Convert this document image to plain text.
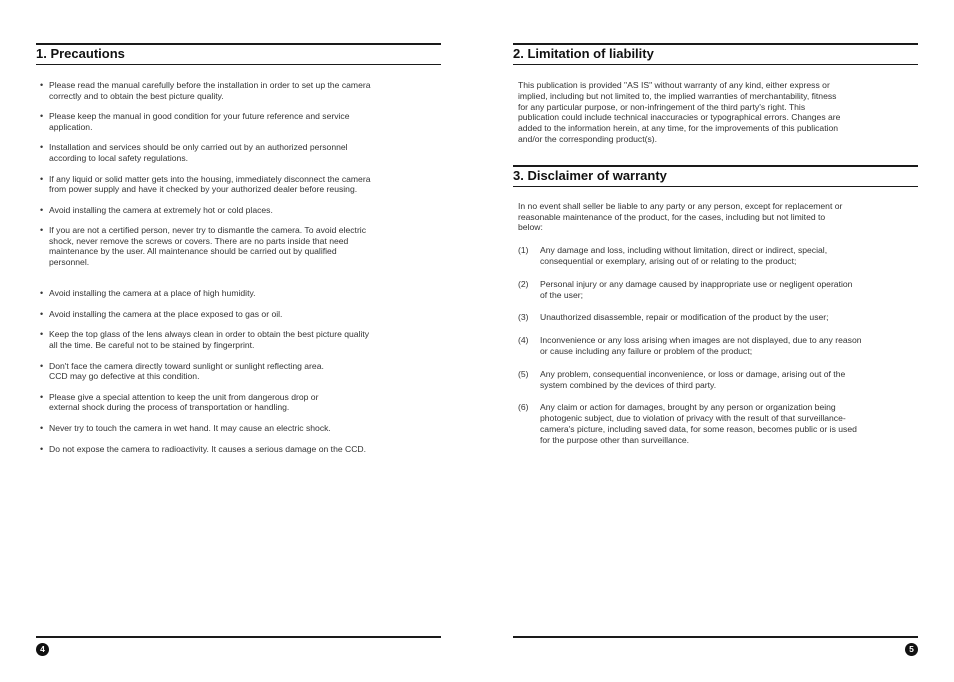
1. Precautions
• Please read the manual carefully before the installation in order to set up the camera
correctly and to obtain the best picture quality.
• Please keep the manual in good condition for your future reference and service
application.
• Installation and services should be only carried out by an authorized personnel
according to local safety regulations.
• If any liquid or solid matter gets into the housing, immediately disconnect the camera
from power supply and have it checked by your authorized dealer before reusing.
• Avoid installing the camera at extremely hot or cold places.
• If you are not a certified person, never try to dismantle the camera. To avoid electric
shock, never remove the screws or covers. There are no parts inside that need
maintenance by the user. All maintenance should be carried out by qualified
personnel.
• Avoid installing the camera at a place of high humidity.
• Avoid installing the camera at the place exposed to gas or oil.
• Keep the top glass of the lens always clean in order to obtain the best picture quality
all the time. Be careful not to be stained by fingerprint.
• Don't face the camera directly toward sunlight or sunlight reflecting area.
CCD may go defective at this condition.
• Please give a special attention to keep the unit from dangerous drop or
external shock during the process of transportation or handling.
• Never try to touch the camera in wet hand. It may cause an electric shock.
• Do not expose the camera to radioactivity. It causes a serious damage on the CCD.
4
2. Limitation of liability
This publication is provided "AS IS" without warranty of any kind, either express or
implied, including but not limited to, the implied warranties of merchantability, fitness
for any particular purpose, or non-infringement of the third party's right. This
publication could include technical inaccuracies or typographical errors. Changes are
added to the information herein, at any time, for the improvements of this publication
and/or the corresponding product(s).
3. Disclaimer of warranty
In no event shall seller be liable to any party or any person, except for replacement or
reasonable maintenance of the product, for the cases, including but not limited to
below:
(1) Any damage and loss, including without limitation, direct or indirect, special,
consequential or exemplary, arising out of or relating to the product;
(2) Personal injury or any damage caused by inappropriate use or negligent operation
of the user;
(3) Unauthorized disassemble, repair or modification of the product by the user;
(4) Inconvenience or any loss arising when images are not displayed, due to any reason
or cause including any failure or problem of the product;
(5) Any problem, consequential inconvenience, or loss or damage, arising out of the
system combined by the devices of third party.
(6) Any claim or action for damages, brought by any person or organization being
photogenic subject, due to violation of privacy with the result of that surveillance-
camera's picture, including saved data, for some reason, becomes public or is used
for the purpose other than surveillance.
5
